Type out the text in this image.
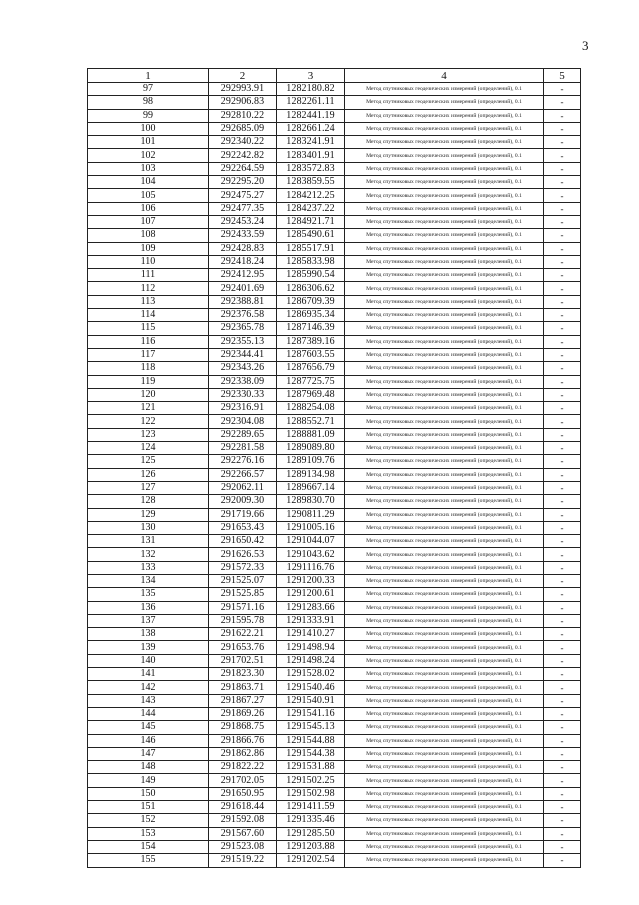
3
1	2	3	4	5
97	292993.91	1282180.82	Метод спутниковых геодезических измерений (определений), 0.1	-
98	292906.83	1282261.11	Метод спутниковых геодезических измерений (определений), 0.1	-
99	292810.22	1282441.19	Метод спутниковых геодезических измерений (определений), 0.1	-
100	292685.09	1282661.24	Метод спутниковых геодезических измерений (определений), 0.1	-
101	292340.22	1283241.91	Метод спутниковых геодезических измерений (определений), 0.1	-
102	292242.82	1283401.91	Метод спутниковых геодезических измерений (определений), 0.1	-
103	292264.59	1283572.83	Метод спутниковых геодезических измерений (определений), 0.1	-
104	292295.20	1283859.55	Метод спутниковых геодезических измерений (определений), 0.1	-
105	292475.27	1284212.25	Метод спутниковых геодезических измерений (определений), 0.1	-
106	292477.35	1284237.22	Метод спутниковых геодезических измерений (определений), 0.1	-
107	292453.24	1284921.71	Метод спутниковых геодезических измерений (определений), 0.1	-
108	292433.59	1285490.61	Метод спутниковых геодезических измерений (определений), 0.1	-
109	292428.83	1285517.91	Метод спутниковых геодезических измерений (определений), 0.1	-
110	292418.24	1285833.98	Метод спутниковых геодезических измерений (определений), 0.1	-
111	292412.95	1285990.54	Метод спутниковых геодезических измерений (определений), 0.1	-
112	292401.69	1286306.62	Метод спутниковых геодезических измерений (определений), 0.1	-
113	292388.81	1286709.39	Метод спутниковых геодезических измерений (определений), 0.1	-
114	292376.58	1286935.34	Метод спутниковых геодезических измерений (определений), 0.1	-
115	292365.78	1287146.39	Метод спутниковых геодезических измерений (определений), 0.1	-
116	292355.13	1287389.16	Метод спутниковых геодезических измерений (определений), 0.1	-
117	292344.41	1287603.55	Метод спутниковых геодезических измерений (определений), 0.1	-
118	292343.26	1287656.79	Метод спутниковых геодезических измерений (определений), 0.1	-
119	292338.09	1287725.75	Метод спутниковых геодезических измерений (определений), 0.1	-
120	292330.33	1287969.48	Метод спутниковых геодезических измерений (определений), 0.1	-
121	292316.91	1288254.08	Метод спутниковых геодезических измерений (определений), 0.1	-
122	292304.08	1288552.71	Метод спутниковых геодезических измерений (определений), 0.1	-
123	292289.65	1288881.09	Метод спутниковых геодезических измерений (определений), 0.1	-
124	292281.58	1289089.80	Метод спутниковых геодезических измерений (определений), 0.1	-
125	292276.16	1289109.76	Метод спутниковых геодезических измерений (определений), 0.1	-
126	292266.57	1289134.98	Метод спутниковых геодезических измерений (определений), 0.1	-
127	292062.11	1289667.14	Метод спутниковых геодезических измерений (определений), 0.1	-
128	292009.30	1289830.70	Метод спутниковых геодезических измерений (определений), 0.1	-
129	291719.66	1290811.29	Метод спутниковых геодезических измерений (определений), 0.1	-
130	291653.43	1291005.16	Метод спутниковых геодезических измерений (определений), 0.1	-
131	291650.42	1291044.07	Метод спутниковых геодезических измерений (определений), 0.1	-
132	291626.53	1291043.62	Метод спутниковых геодезических измерений (определений), 0.1	-
133	291572.33	1291116.76	Метод спутниковых геодезических измерений (определений), 0.1	-
134	291525.07	1291200.33	Метод спутниковых геодезических измерений (определений), 0.1	-
135	291525.85	1291200.61	Метод спутниковых геодезических измерений (определений), 0.1	-
136	291571.16	1291283.66	Метод спутниковых геодезических измерений (определений), 0.1	-
137	291595.78	1291333.91	Метод спутниковых геодезических измерений (определений), 0.1	-
138	291622.21	1291410.27	Метод спутниковых геодезических измерений (определений), 0.1	-
139	291653.76	1291498.94	Метод спутниковых геодезических измерений (определений), 0.1	-
140	291702.51	1291498.24	Метод спутниковых геодезических измерений (определений), 0.1	-
141	291823.30	1291528.02	Метод спутниковых геодезических измерений (определений), 0.1	-
142	291863.71	1291540.46	Метод спутниковых геодезических измерений (определений), 0.1	-
143	291867.27	1291540.91	Метод спутниковых геодезических измерений (определений), 0.1	-
144	291869.26	1291541.16	Метод спутниковых геодезических измерений (определений), 0.1	-
145	291868.75	1291545.13	Метод спутниковых геодезических измерений (определений), 0.1	-
146	291866.76	1291544.88	Метод спутниковых геодезических измерений (определений), 0.1	-
147	291862.86	1291544.38	Метод спутниковых геодезических измерений (определений), 0.1	-
148	291822.22	1291531.88	Метод спутниковых геодезических измерений (определений), 0.1	-
149	291702.05	1291502.25	Метод спутниковых геодезических измерений (определений), 0.1	-
150	291650.95	1291502.98	Метод спутниковых геодезических измерений (определений), 0.1	-
151	291618.44	1291411.59	Метод спутниковых геодезических измерений (определений), 0.1	-
152	291592.08	1291335.46	Метод спутниковых геодезических измерений (определений), 0.1	-
153	291567.60	1291285.50	Метод спутниковых геодезических измерений (определений), 0.1	-
154	291523.08	1291203.88	Метод спутниковых геодезических измерений (определений), 0.1	-
155	291519.22	1291202.54	Метод спутниковых геодезических измерений (определений), 0.1	-
